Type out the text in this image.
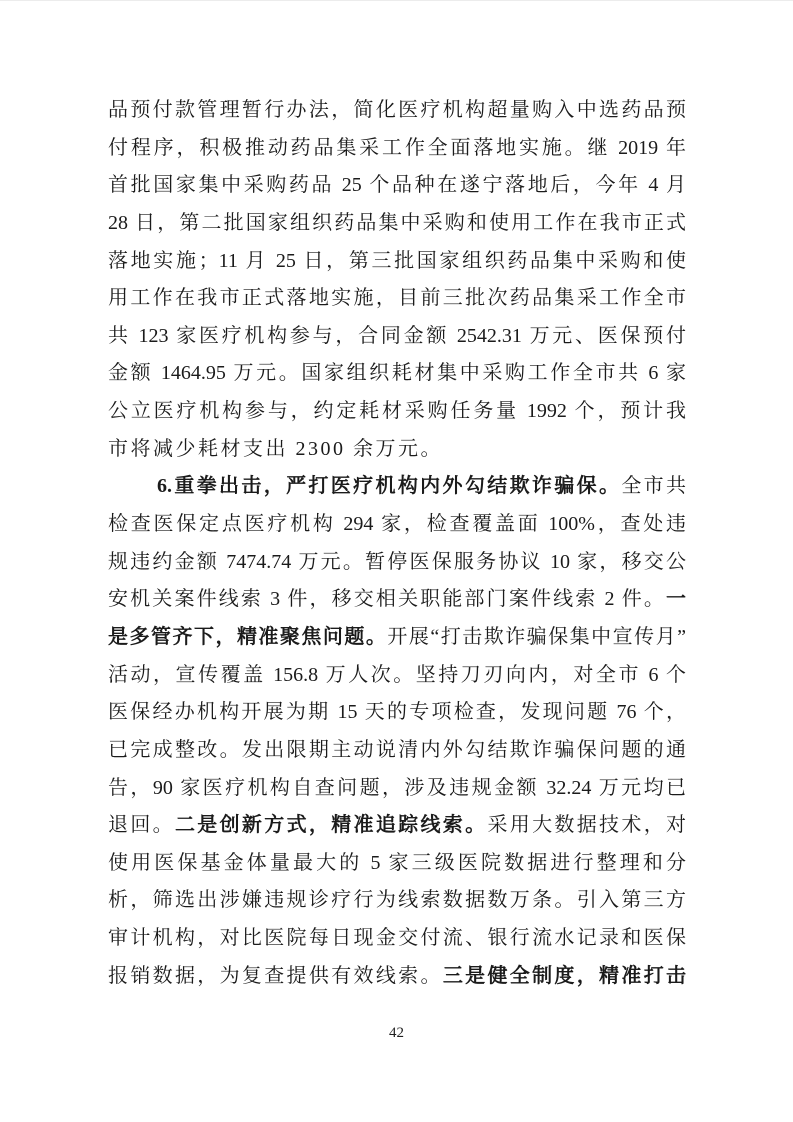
品预付款管理暂行办法，简化医疗机构超量购入中选药品预
付程序，积极推动药品集采工作全面落地实施。继 2019 年
首批国家集中采购药品 25 个品种在遂宁落地后，今年 4 月
28 日，第二批国家组织药品集中采购和使用工作在我市正式
落地实施；11 月 25 日，第三批国家组织药品集中采购和使
用工作在我市正式落地实施，目前三批次药品集采工作全市
共 123 家医疗机构参与，合同金额 2542.31 万元、医保预付
金额 1464.95 万元。国家组织耗材集中采购工作全市共 6 家
公立医疗机构参与，约定耗材采购任务量 1992 个，预计我
市将减少耗材支出 2300 余万元。
6.重拳出击，严打医疗机构内外勾结欺诈骗保。全市共
检查医保定点医疗机构 294 家，检查覆盖面 100%，查处违
规违约金额 7474.74 万元。暂停医保服务协议 10 家，移交公
安机关案件线索 3 件，移交相关职能部门案件线索 2 件。一
是多管齐下，精准聚焦问题。开展“打击欺诈骗保集中宣传月”
活动，宣传覆盖 156.8 万人次。坚持刀刃向内，对全市 6 个
医保经办机构开展为期 15 天的专项检查，发现问题 76 个，
已完成整改。发出限期主动说清内外勾结欺诈骗保问题的通
告，90 家医疗机构自查问题，涉及违规金额 32.24 万元均已
退回。二是创新方式，精准追踪线索。采用大数据技术，对
使用医保基金体量最大的 5 家三级医院数据进行整理和分
析，筛选出涉嫌违规诊疗行为线索数据数万条。引入第三方
审计机构，对比医院每日现金交付流、银行流水记录和医保
报销数据，为复查提供有效线索。三是健全制度，精准打击
42
